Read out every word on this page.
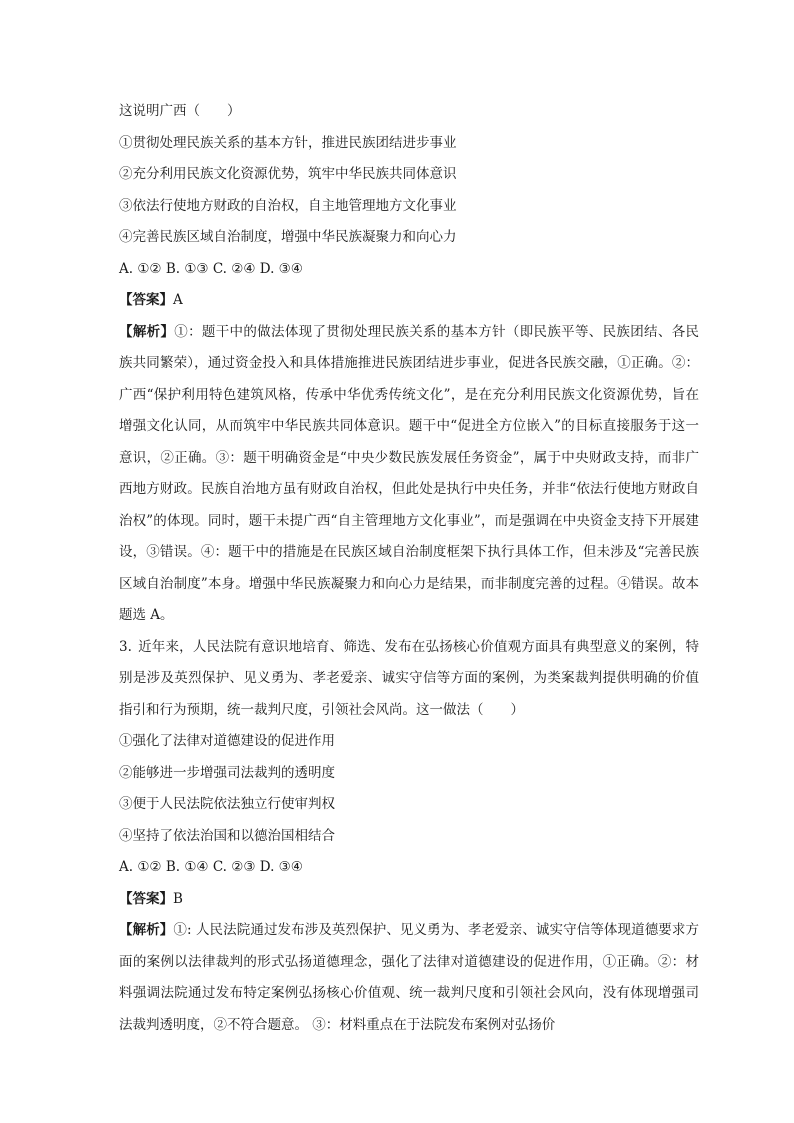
这说明广西（　　）
①贯彻处理民族关系的基本方针，推进民族团结进步事业
②充分利用民族文化资源优势，筑牢中华民族共同体意识
③依法行使地方财政的自治权，自主地管理地方文化事业
④完善民族区域自治制度，增强中华民族凝聚力和向心力
A. ①② B. ①③ C. ②④ D. ③④
【答案】A
【解析】①：题干中的做法体现了贯彻处理民族关系的基本方针（即民族平等、民族团结、各民族共同繁荣），通过资金投入和具体措施推进民族团结进步事业，促进各民族交融，①正确。②：广西“保护利用特色建筑风格，传承中华优秀传统文化”，是在充分利用民族文化资源优势，旨在增强文化认同，从而筑牢中华民族共同体意识。题干中“促进全方位嵌入”的目标直接服务于这一意识，②正确。③：题干明确资金是“中央少数民族发展任务资金”，属于中央财政支持，而非广西地方财政。民族自治地方虽有财政自治权，但此处是执行中央任务，并非“依法行使地方财政自治权”的体现。同时，题干未提广西“自主管理地方文化事业”，而是强调在中央资金支持下开展建设，③错误。④：题干中的措施是在民族区域自治制度框架下执行具体工作，但未涉及“完善民族区域自治制度”本身。增强中华民族凝聚力和向心力是结果，而非制度完善的过程。④错误。故本题选 A。
3. 近年来，人民法院有意识地培育、筛选、发布在弘扬核心价值观方面具有典型意义的案例，特别是涉及英烈保护、见义勇为、孝老爱亲、诚实守信等方面的案例，为类案裁判提供明确的价值指引和行为预期，统一裁判尺度，引领社会风尚。这一做法（　　）
①强化了法律对道德建设的促进作用
②能够进一步增强司法裁判的透明度
③便于人民法院依法独立行使审判权
④坚持了依法治国和以德治国相结合
A. ①② B. ①④ C. ②③ D. ③④
【答案】B
【解析】①: 人民法院通过发布涉及英烈保护、见义勇为、孝老爱亲、诚实守信等体现道德要求方面的案例以法律裁判的形式弘扬道德理念，强化了法律对道德建设的促进作用，①正确。②：材料强调法院通过发布特定案例弘扬核心价值观、统一裁判尺度和引领社会风向，没有体现增强司法裁判透明度，②不符合题意。 ③：材料重点在于法院发布案例对弘扬价
